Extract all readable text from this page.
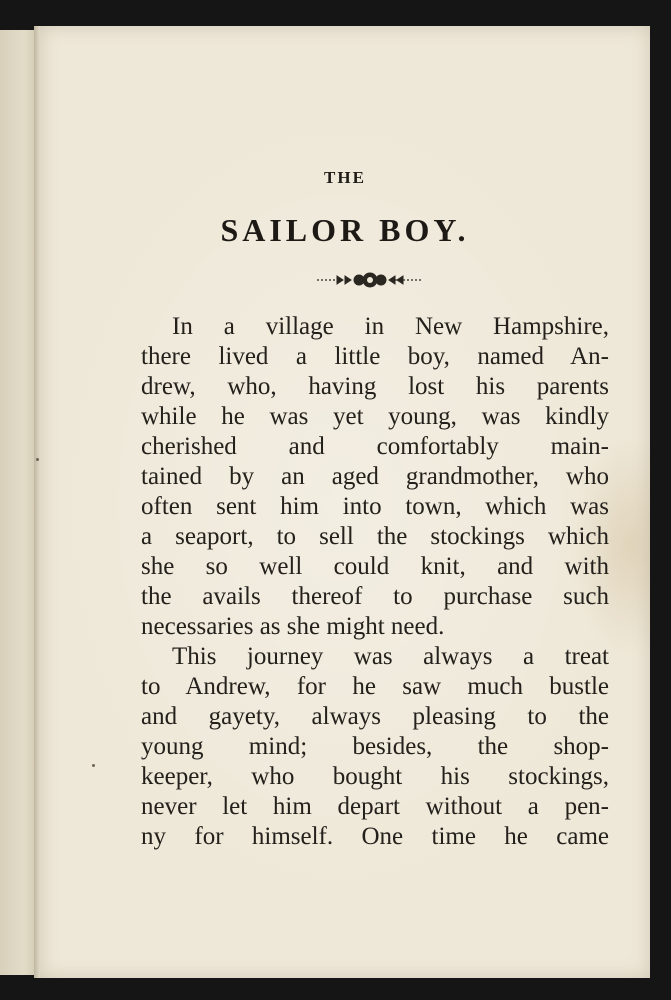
THE
SAILOR BOY.
In a village in New Hampshire,
there lived a little boy, named An-
drew, who, having lost his parents
while he was yet young, was kindly
cherished and comfortably main-
tained by an aged grandmother, who
often sent him into town, which was
a seaport, to sell the stockings which
she so well could knit, and with
the avails thereof to purchase such
necessaries as she might need.
This journey was always a treat
to Andrew, for he saw much bustle
and gayety, always pleasing to the
young mind; besides, the shop-
keeper, who bought his stockings,
never let him depart without a pen-
ny for himself. One time he came
